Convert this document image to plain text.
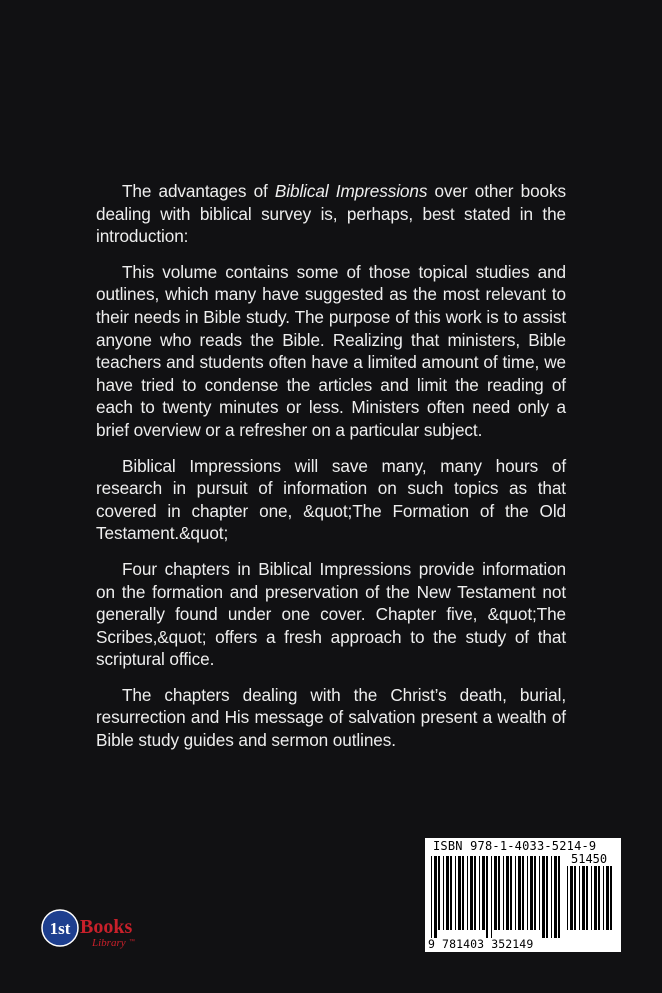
The advantages of Biblical Impressions over other books dealing with biblical survey is, perhaps, best stated in the introduction:

This volume contains some of those topical studies and outlines, which many have suggested as the most relevant to their needs in Bible study. The purpose of this work is to assist anyone who reads the Bible. Realizing that ministers, Bible teachers and students often have a limited amount of time, we have tried to condense the articles and limit the reading of each to twenty minutes or less. Ministers often need only a brief overview or a refresher on a particular subject.

Biblical Impressions will save many, many hours of research in pursuit of information on such topics as that covered in chapter one, &quot;The Formation of the Old Testament.&quot;

Four chapters in Biblical Impressions provide information on the formation and preservation of the New Testament not generally found under one cover. Chapter five, &quot;The Scribes,&quot; offers a fresh approach to the study of that scriptural office.

The chapters dealing with the Christ’s death, burial, resurrection and His message of salvation present a wealth of Bible study guides and sermon outlines.

1st Books
Library ™
ISBN 978-1-4033-5214-9
51450
9 781403 352149
